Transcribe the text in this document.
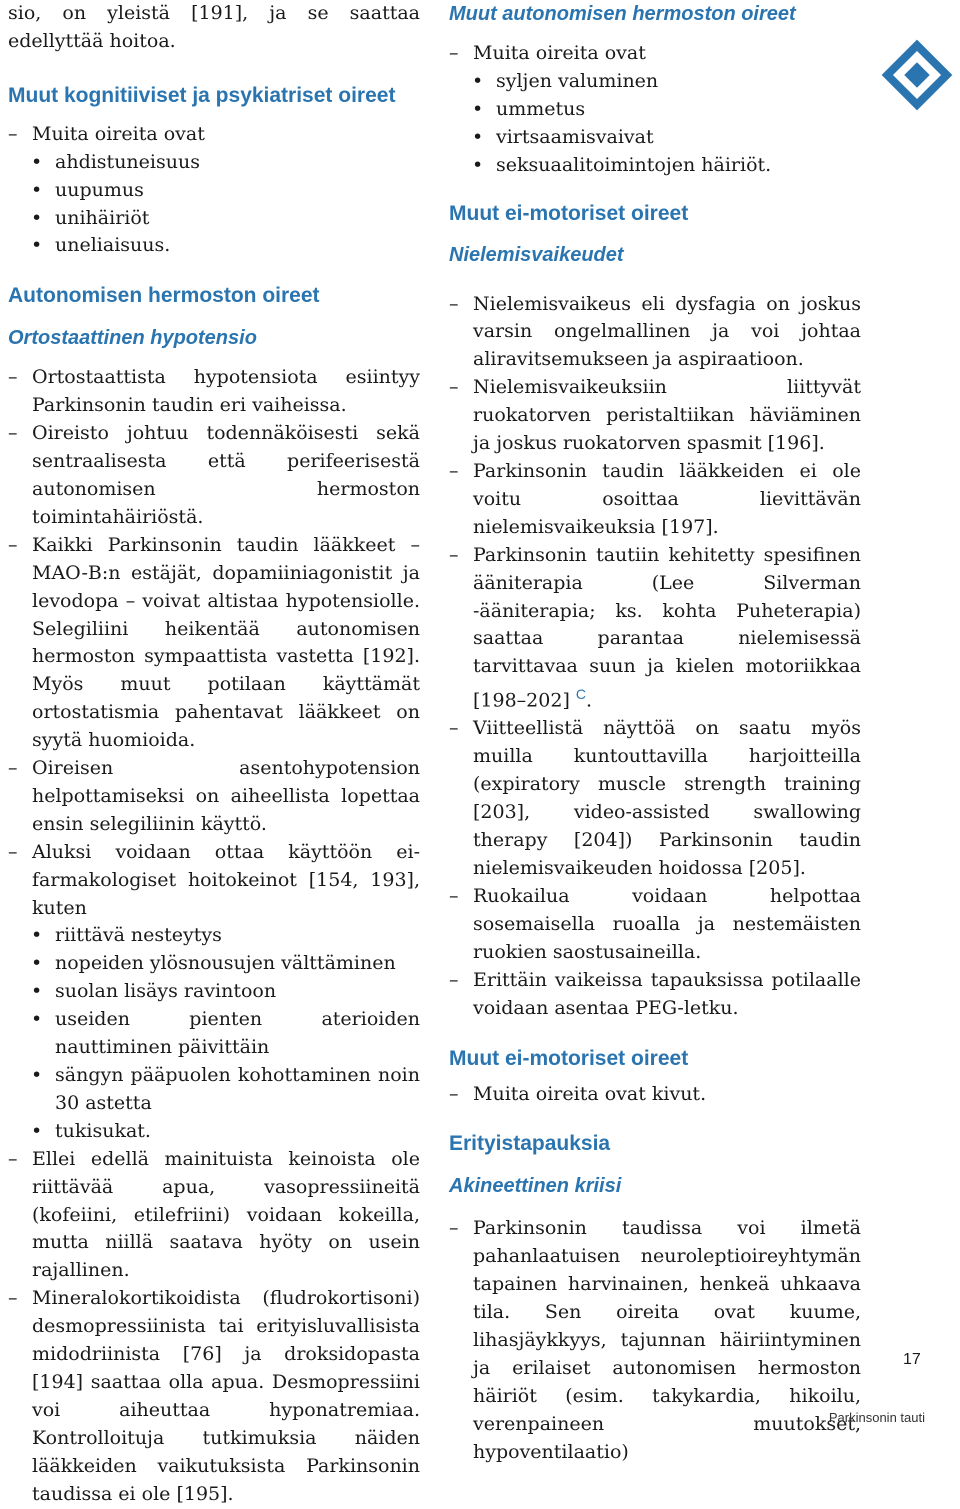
sio, on yleistä [191], ja se saattaa edellyttää hoitoa.

Muut kognitiiviset ja psykiatriset oireet
– Muita oireita ovat
• ahdistuneisuus
• uupumus
• unihäiriöt
• uneliaisuus.
Autonomisen hermoston oireet
Ortostaattinen hypotensio
– Ortostaattista hypotensiota esiintyy Parkinsonin taudin eri vaiheissa.
– Oireisto johtuu todennäköisesti sekä sentraalisesta että perifeerisestä autonomisen hermoston toimintahäiriöstä.
– Kaikki Parkinsonin taudin lääkkeet – MAO-B:n estäjät, dopamiiniagonistit ja levodopa – voivat altistaa hypotensiolle. Selegiliini heikentää autonomisen hermoston sympaattista vastetta [192]. Myös muut potilaan käyttämät ortostatismia pahentavat lääkkeet on syytä huomioida.
– Oireisen asentohypotension helpottamiseksi on aiheellista lopettaa ensin selegiliinin käyttö.
– Aluksi voidaan ottaa käyttöön ei-farmakologiset hoitokeinot [154, 193], kuten
• riittävä nesteytys
• nopeiden ylösnousujen välttäminen
• suolan lisäys ravintoon
• useiden pienten aterioiden nauttiminen päivittäin
• sängyn pääpuolen kohottaminen noin 30 astetta
• tukisukat.
– Ellei edellä mainituista keinoista ole riittävää apua, vasopressiineitä (kofeiini, etilefriini) voidaan kokeilla, mutta niillä saatava hyöty on usein rajallinen.
– Mineralokortikoidista (fludrokortisoni) desmopressiinista tai erityisluvallisista midodriinista [76] ja droksidopasta [194] saattaa olla apua. Desmopressiini voi aiheuttaa hyponatremiaa. Kontrolloituja tutkimuksia näiden lääkkeiden vaikutuksista Parkinsonin taudissa ei ole [195].
Muut autonomisen hermoston oireet
– Muita oireita ovat
• syljen valuminen
• ummetus
• virtsaamisvaivat
• seksuaalitoimintojen häiriöt.
Muut ei-motoriset oireet
Nielemisvaikeudet
– Nielemisvaikeus eli dysfagia on joskus varsin ongelmallinen ja voi johtaa aliravitsemukseen ja aspiraatioon.
– Nielemisvaikeuksiin liittyvät ruokatorven peristaltiikan häviäminen ja joskus ruokatorven spasmit [196].
– Parkinsonin taudin lääkkeiden ei ole voitu osoittaa lievittävän nielemisvaikeuksia [197].
– Parkinsonin tautiin kehitetty spesifinen ääniterapia (Lee Silverman -ääniterapia; ks. kohta Puheterapia) saattaa parantaa nielemisessä tarvittavaa suun ja kielen motoriikkaa [198–202] $^C$.
– Viitteellistä näyttöä on saatu myös muilla kuntouttavilla harjoitteilla (expiratory muscle strength training [203], video-assisted swallowing therapy [204]) Parkinsonin taudin nielemisvaikeuden hoidossa [205].
– Ruokailua voidaan helpottaa sosemaisella ruoalla ja nestemäisten ruokien saostusaineilla.
– Erittäin vaikeissa tapauksissa potilaalle voidaan asentaa PEG-letku.
Muut ei-motoriset oireet
– Muita oireita ovat kivut.
Erityistapauksia
Akineettinen kriisi
– Parkinsonin taudissa voi ilmetä pahanlaatuisen neuroleptioireyhtymän tapainen harvinainen, henkeä uhkaava tila. Sen oireita ovat kuume, lihasjäykkyys, tajunnan häiriintyminen ja erilaiset autonomisen hermoston häiriöt (esim. takykardia, hikoilu, verenpaineen muutokset, hypoventilaatio)
17
Parkinsonin tauti
